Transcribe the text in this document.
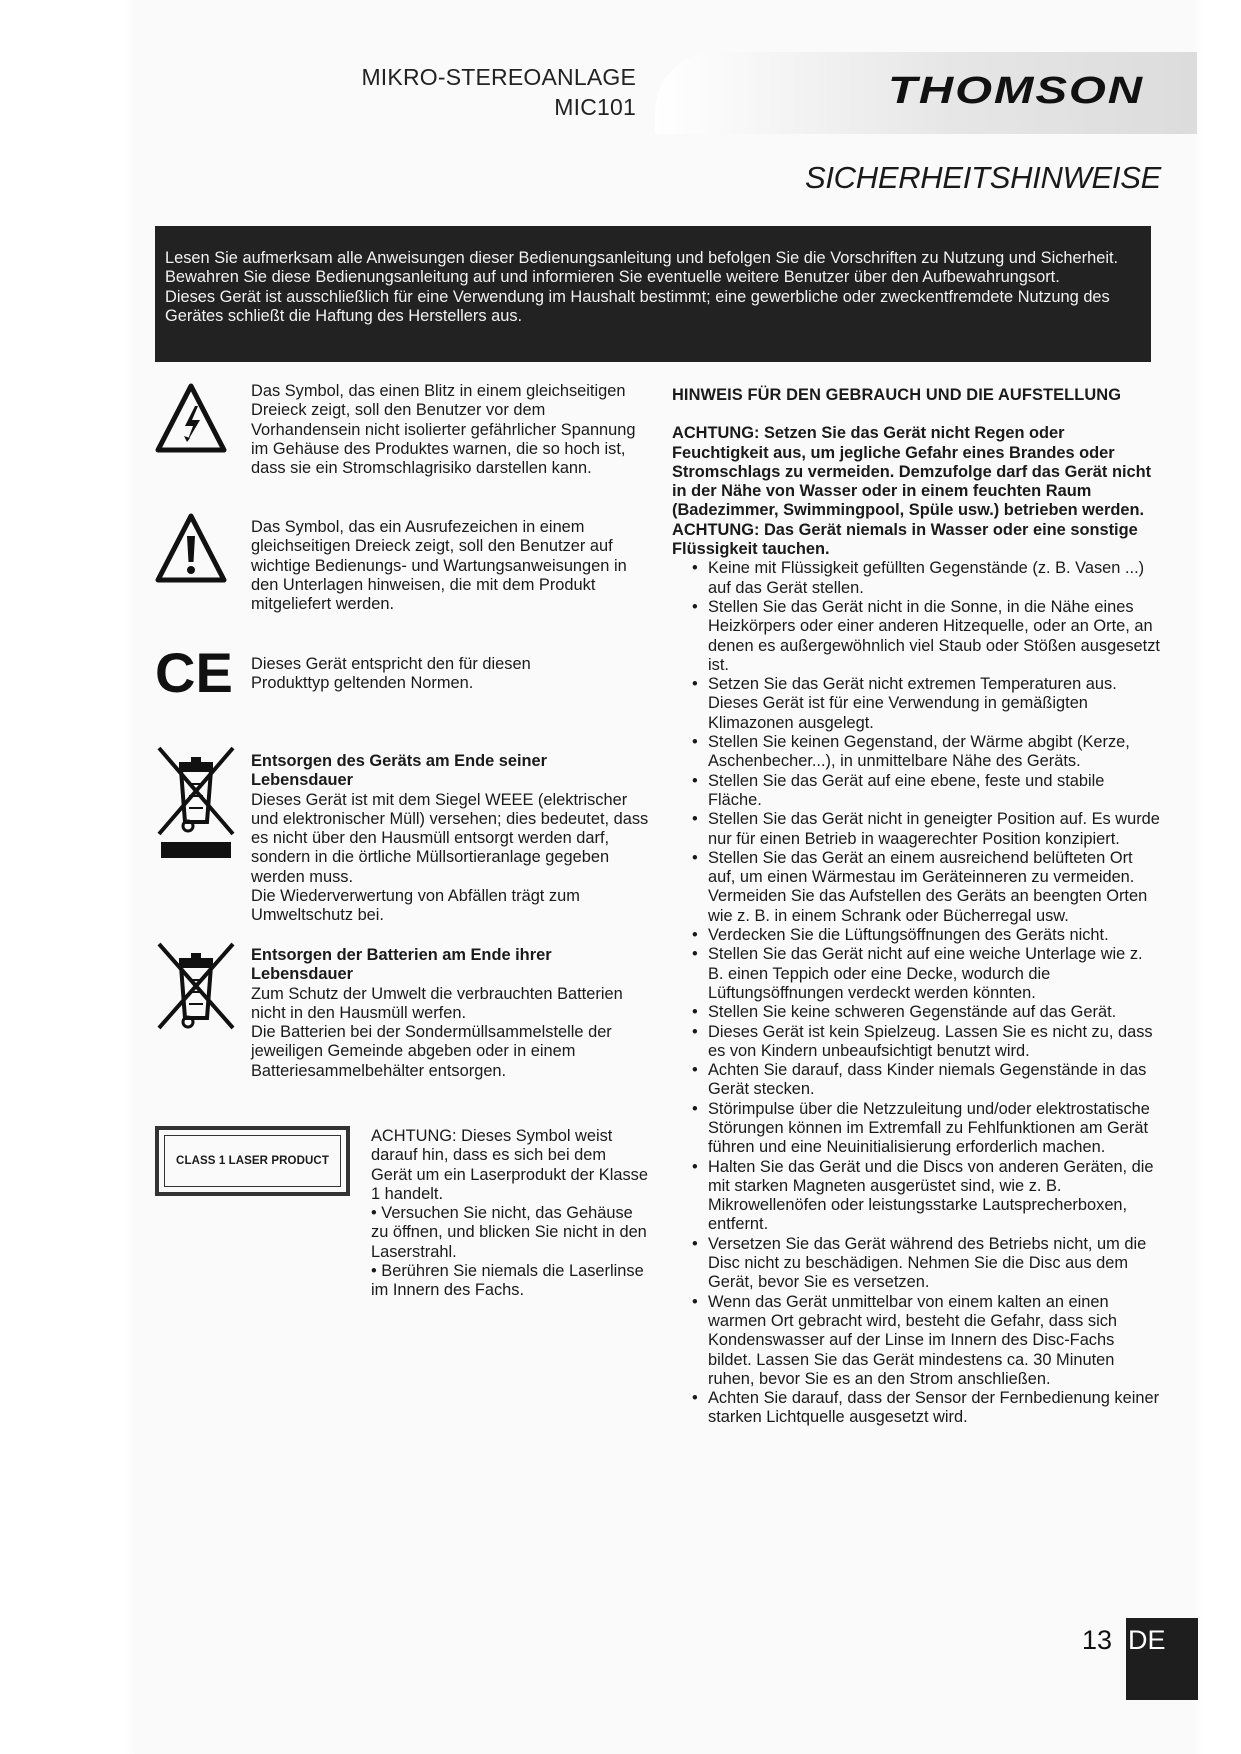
MIKRO-STEREOANLAGE
MIC101	THOMSON
SICHERHEITSHINWEISE

Lesen Sie aufmerksam alle Anweisungen dieser Bedienungsanleitung und befolgen Sie die Vorschriften zu Nutzung und Sicherheit. Bewahren Sie diese Bedienungsanleitung auf und informieren Sie eventuelle weitere Benutzer über den Aufbewahrungsort.

Dieses Gerät ist ausschließlich für eine Verwendung im Haushalt bestimmt; eine gewerbliche oder zweckentfremdete Nutzung des Gerätes schließt die Haftung des Herstellers aus.

Das Symbol, das einen Blitz in einem gleichseitigen Dreieck zeigt, soll den Benutzer vor dem Vorhandensein nicht isolierter gefährlicher Spannung im Gehäuse des Produktes warnen, die so hoch ist, dass sie ein Stromschlagrisiko darstellen kann.

Das Symbol, das ein Ausrufezeichen in einem gleichseitigen Dreieck zeigt, soll den Benutzer auf wichtige Bedienungs- und Wartungsanweisungen in den Unterlagen hinweisen, die mit dem Produkt mitgeliefert werden.

CE Dieses Gerät entspricht den für diesen Produkttyp geltenden Normen.

Entsorgen des Geräts am Ende seiner Lebensdauer

Dieses Gerät ist mit dem Siegel WEEE (elektrischer und elektronischer Müll) versehen; dies bedeutet, dass es nicht über den Hausmüll entsorgt werden darf, sondern in die örtliche Müllsortieranlage gegeben werden muss.

Die Wiederverwertung von Abfällen trägt zum Umweltschutz bei.

Entsorgen der Batterien am Ende ihrer Lebensdauer

Zum Schutz der Umwelt die verbrauchten Batterien nicht in den Hausmüll werfen.

Die Batterien bei der Sondermüllsammelstelle der jeweiligen Gemeinde abgeben oder in einem Batteriesammelbehälter entsorgen.

CLASS 1 LASER PRODUCT

ACHTUNG: Dieses Symbol weist darauf hin, dass es sich bei dem Gerät um ein Laserprodukt der Klasse 1 handelt.

• Versuchen Sie nicht, das Gehäuse zu öffnen, und blicken Sie nicht in den Laserstrahl.

• Berühren Sie niemals die Laserlinse im Innern des Fachs.

HINWEIS FÜR DEN GEBRAUCH UND DIE AUFSTELLUNG

ACHTUNG: Setzen Sie das Gerät nicht Regen oder Feuchtigkeit aus, um jegliche Gefahr eines Brandes oder Stromschlags zu vermeiden. Demzufolge darf das Gerät nicht in der Nähe von Wasser oder in einem feuchten Raum (Badezimmer, Swimmingpool, Spüle usw.) betrieben werden.

ACHTUNG: Das Gerät niemals in Wasser oder eine sonstige Flüssigkeit tauchen.

• Keine mit Flüssigkeit gefüllten Gegenstände (z. B. Vasen ...) auf das Gerät stellen.
• Stellen Sie das Gerät nicht in die Sonne, in die Nähe eines Heizkörpers oder einer anderen Hitzequelle, oder an Orte, an denen es außergewöhnlich viel Staub oder Stößen ausgesetzt ist.
• Setzen Sie das Gerät nicht extremen Temperaturen aus. Dieses Gerät ist für eine Verwendung in gemäßigten Klimazonen ausgelegt.
• Stellen Sie keinen Gegenstand, der Wärme abgibt (Kerze, Aschenbecher...), in unmittelbare Nähe des Geräts.
• Stellen Sie das Gerät auf eine ebene, feste und stabile Fläche.
• Stellen Sie das Gerät nicht in geneigter Position auf. Es wurde nur für einen Betrieb in waagerechter Position konzipiert.
• Stellen Sie das Gerät an einem ausreichend belüfteten Ort auf, um einen Wärmestau im Geräteinneren zu vermeiden. Vermeiden Sie das Aufstellen des Geräts an beengten Orten wie z. B. in einem Schrank oder Bücherregal usw.
• Verdecken Sie die Lüftungsöffnungen des Geräts nicht.
• Stellen Sie das Gerät nicht auf eine weiche Unterlage wie z. B. einen Teppich oder eine Decke, wodurch die Lüftungsöffnungen verdeckt werden könnten.
• Stellen Sie keine schweren Gegenstände auf das Gerät.
• Dieses Gerät ist kein Spielzeug. Lassen Sie es nicht zu, dass es von Kindern unbeaufsichtigt benutzt wird.
• Achten Sie darauf, dass Kinder niemals Gegenstände in das Gerät stecken.
• Störimpulse über die Netzzuleitung und/oder elektrostatische Störungen können im Extremfall zu Fehlfunktionen am Gerät führen und eine Neuinitialisierung erforderlich machen.
• Halten Sie das Gerät und die Discs von anderen Geräten, die mit starken Magneten ausgerüstet sind, wie z. B. Mikrowellenöfen oder leistungsstarke Lautsprecherboxen, entfernt.
• Versetzen Sie das Gerät während des Betriebs nicht, um die Disc nicht zu beschädigen. Nehmen Sie die Disc aus dem Gerät, bevor Sie es versetzen.
• Wenn das Gerät unmittelbar von einem kalten an einen warmen Ort gebracht wird, besteht die Gefahr, dass sich Kondenswasser auf der Linse im Innern des Disc-Fachs bildet. Lassen Sie das Gerät mindestens ca. 30 Minuten ruhen, bevor Sie es an den Strom anschließen.
• Achten Sie darauf, dass der Sensor der Fernbedienung keiner starken Lichtquelle ausgesetzt wird.
13 DE
